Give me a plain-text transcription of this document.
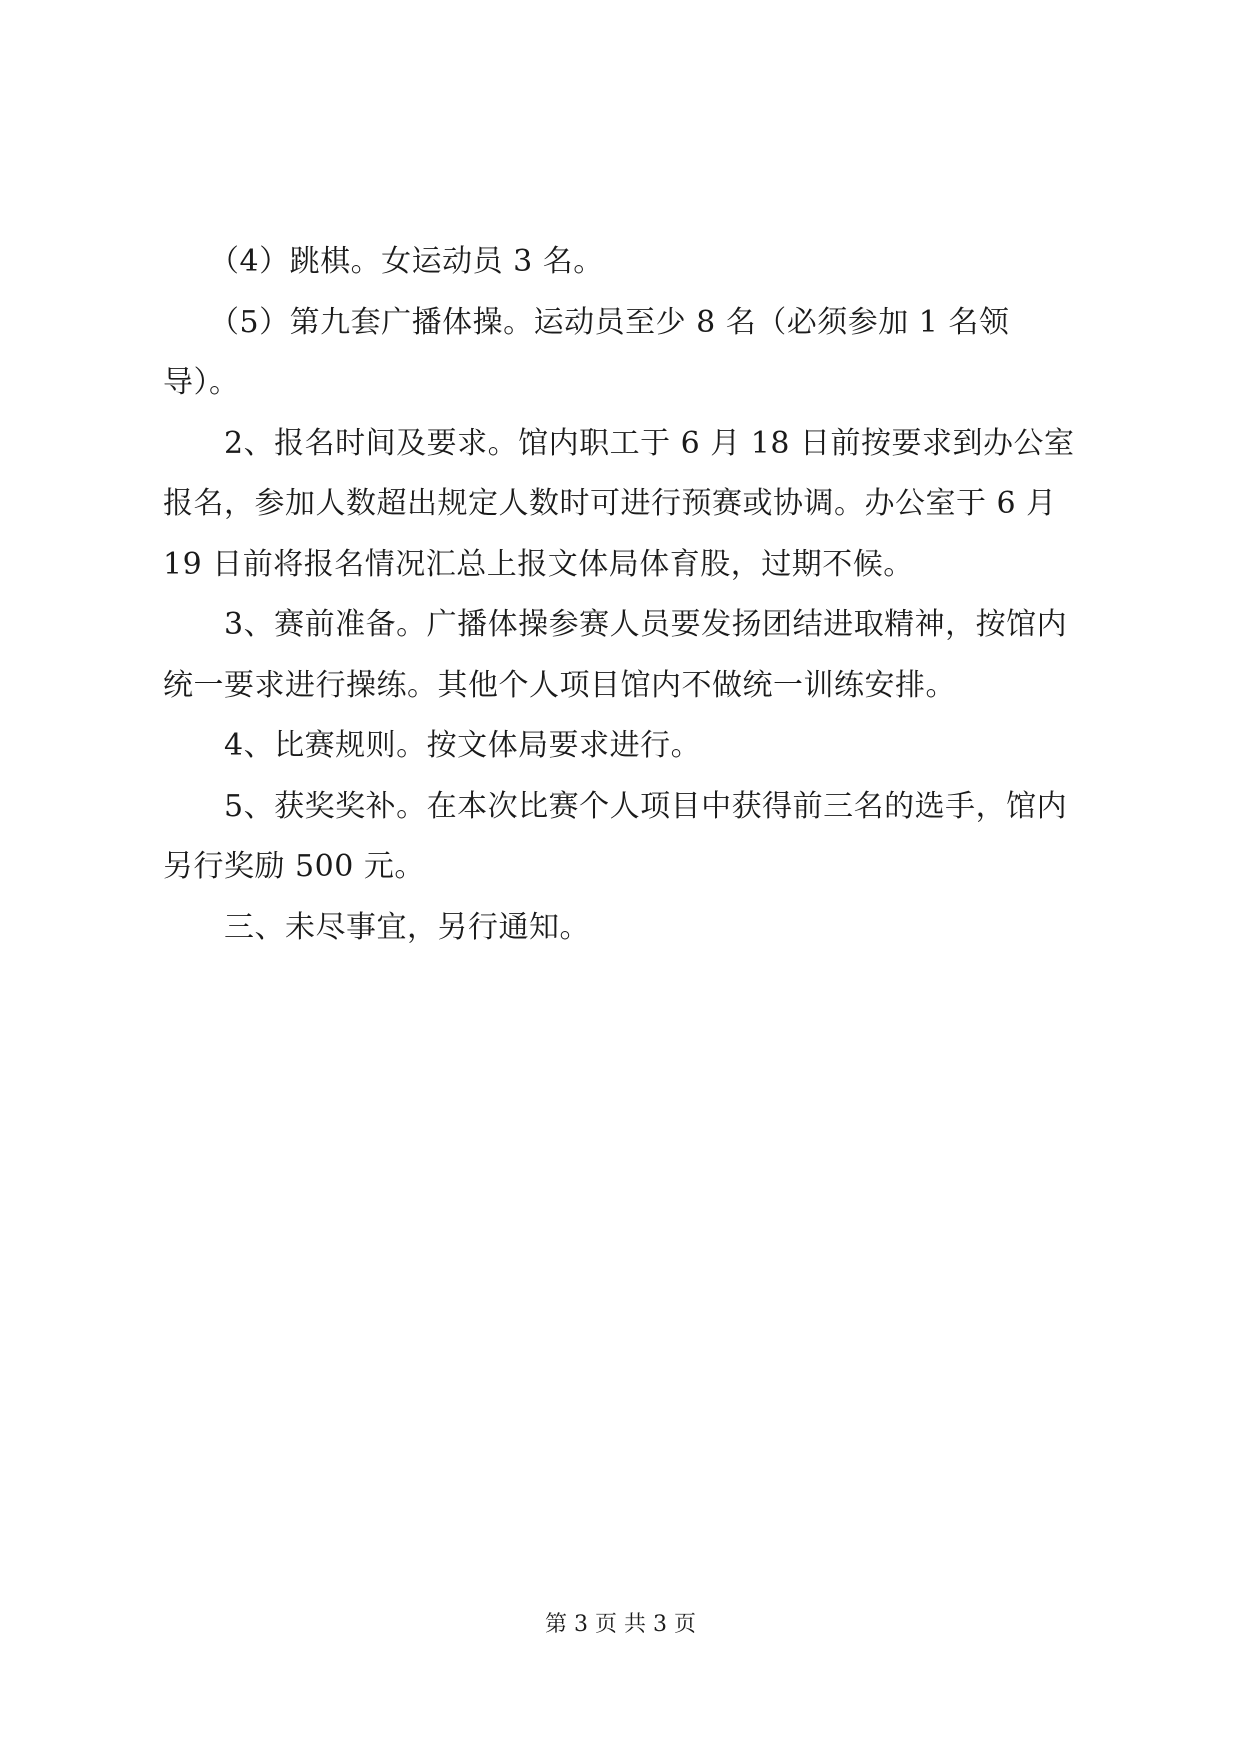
　　（4）跳棋。女运动员 3 名。

　　（5）第九套广播体操。运动员至少 8 名（必须参加 1 名领导）。

　　2、报名时间及要求。馆内职工于 6 月 18 日前按要求到办公室报名，参加人数超出规定人数时可进行预赛或协调。办公室于 6 月 19 日前将报名情况汇总上报文体局体育股，过期不候。

　　3、赛前准备。广播体操参赛人员要发扬团结进取精神，按馆内统一要求进行操练。其他个人项目馆内不做统一训练安排。

　　4、比赛规则。按文体局要求进行。

　　5、获奖奖补。在本次比赛个人项目中获得前三名的选手，馆内另行奖励 500 元。

　　三、未尽事宜，另行通知。

第 3 页 共 3 页
